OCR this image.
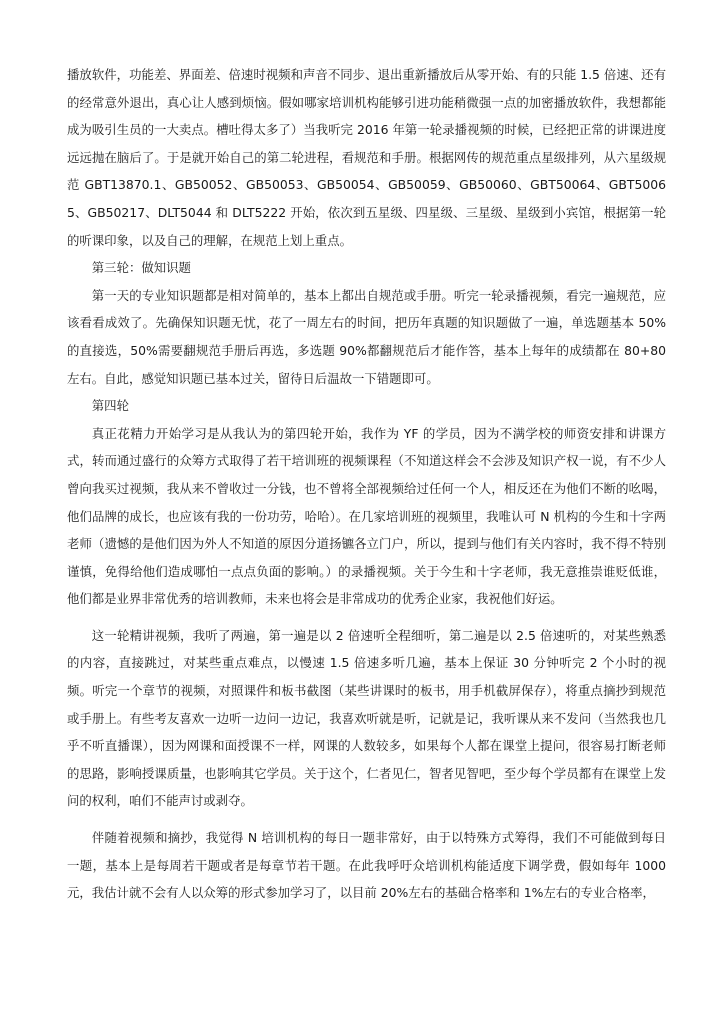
播放软件，功能差、界面差、倍速时视频和声音不同步、退出重新播放后从零开始、有的只能 1.5 倍速、还有的经常意外退出，真心让人感到烦恼。假如哪家培训机构能够引进功能稍微强一点的加密播放软件，我想都能成为吸引生员的一大卖点。槽吐得太多了）当我听完 2016 年第一轮录播视频的时候，已经把正常的讲课进度远远抛在脑后了。于是就开始自己的第二轮进程，看规范和手册。根据网传的规范重点星级排列，从六星级规范 GBT13870.1、GB50052、GB50053、GB50054、GB50059、GB50060、GBT50064、GBT50065、GB50217、DLT5044 和 DLT5222 开始，依次到五星级、四星级、三星级、星级到小宾馆，根据第一轮的听课印象，以及自己的理解，在规范上划上重点。

第三轮：做知识题

第一天的专业知识题都是相对简单的，基本上都出自规范或手册。听完一轮录播视频，看完一遍规范，应该看看成效了。先确保知识题无忧，花了一周左右的时间，把历年真题的知识题做了一遍，单选题基本 50%的直接选，50%需要翻规范手册后再选，多选题 90%都翻规范后才能作答，基本上每年的成绩都在 80+80 左右。自此，感觉知识题已基本过关，留待日后温故一下错题即可。

第四轮

真正花精力开始学习是从我认为的第四轮开始，我作为 YF 的学员，因为不满学校的师资安排和讲课方式，转而通过盛行的众筹方式取得了若干培训班的视频课程（不知道这样会不会涉及知识产权一说，有不少人曾向我买过视频，我从来不曾收过一分钱，也不曾将全部视频给过任何一个人，相反还在为他们不断的吆喝，他们品牌的成长，也应该有我的一份功劳，哈哈）。在几家培训班的视频里，我唯认可 N 机构的今生和十字两老师（遗憾的是他们因为外人不知道的原因分道扬镳各立门户，所以，提到与他们有关内容时，我不得不特别谨慎，免得给他们造成哪怕一点点负面的影响。）的录播视频。关于今生和十字老师，我无意推崇谁贬低谁，他们都是业界非常优秀的培训教师，未来也将会是非常成功的优秀企业家，我祝他们好运。

这一轮精讲视频，我听了两遍，第一遍是以 2 倍速听全程细听，第二遍是以 2.5 倍速听的，对某些熟悉的内容，直接跳过，对某些重点难点，以慢速 1.5 倍速多听几遍，基本上保证 30 分钟听完 2 个小时的视频。听完一个章节的视频，对照课件和板书截图（某些讲课时的板书，用手机截屏保存），将重点摘抄到规范或手册上。有些考友喜欢一边听一边问一边记，我喜欢听就是听，记就是记，我听课从来不发问（当然我也几乎不听直播课），因为网课和面授课不一样，网课的人数较多，如果每个人都在课堂上提问，很容易打断老师的思路，影响授课质量，也影响其它学员。关于这个，仁者见仁，智者见智吧，至少每个学员都有在课堂上发问的权利，咱们不能声讨或剥夺。

伴随着视频和摘抄，我觉得 N 培训机构的每日一题非常好，由于以特殊方式筹得，我们不可能做到每日一题，基本上是每周若干题或者是每章节若干题。在此我呼吁众培训机构能适度下调学费，假如每年 1000 元，我估计就不会有人以众筹的形式参加学习了，以目前 20%左右的基础合格率和 1%左右的专业合格率，
